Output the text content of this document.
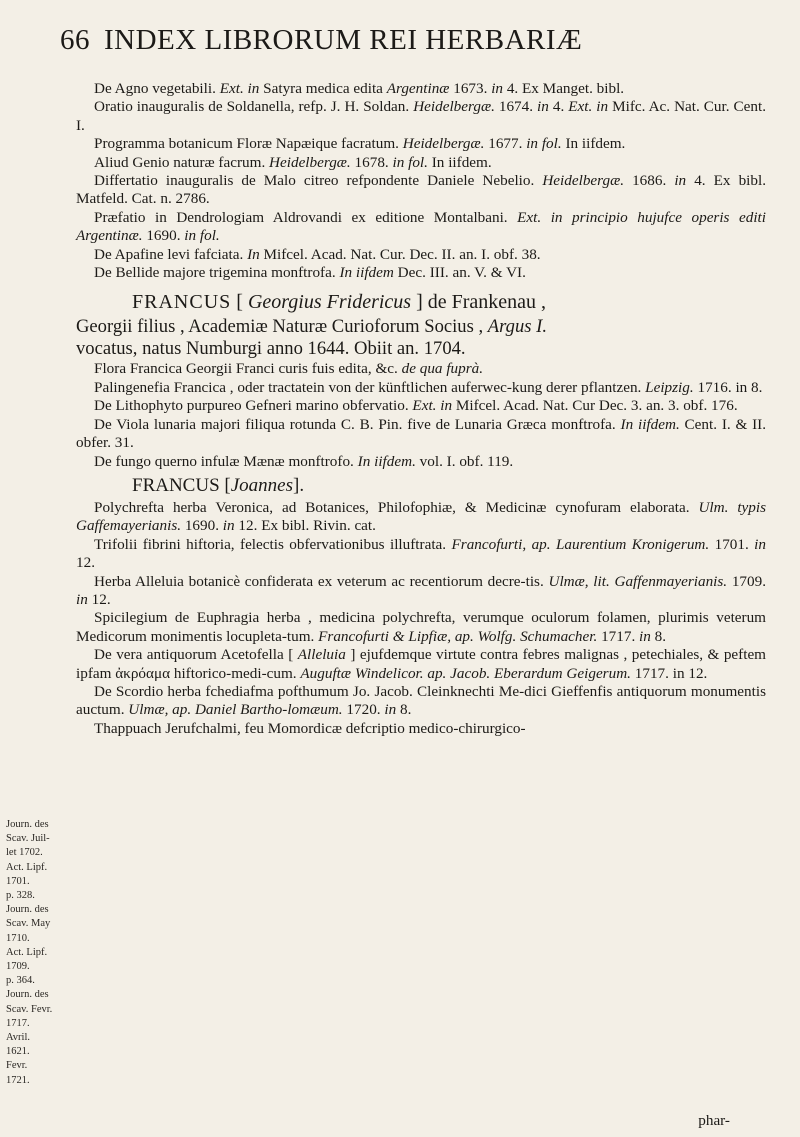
66 INDEX LIBRORUM REI HERBARIÆ
Journ. des
Scav. Juil-
let 1702.
Act. Lipf.
1701.
p. 328.
Journ. des
Scav. May
1710.
Act. Lipf.
1709.
p. 364.
Journ. des
Scav. Fevr.
1717.
Avril.
1621.
Fevr.
1721.

De Agno vegetabili. Ext. in Satyra medica edita Argentinæ 1673. in 4. Ex Manget. bibl.

Oratio inauguralis de Soldanella, refp. J. H. Soldan. Heidelbergæ. 1674. in 4. Ext. in Mifc. Ac. Nat. Cur. Cent. I.

Programma botanicum Floræ Napæique facratum. Heidelbergæ. 1677. in fol. In iifdem.

Aliud Genio naturæ facrum. Heidelbergæ. 1678. in fol. In iifdem.

Differtatio inauguralis de Malo citreo refpondente Daniele Nebelio. Heidelbergæ. 1686. in 4. Ex bibl. Matfeld. Cat. n. 2786.

Præfatio in Dendrologiam Aldrovandi ex editione Montalbani. Ext. in principio hujufce operis editi Argentinæ. 1690. in fol.

De Apafine levi fafciata. In Mifcel. Acad. Nat. Cur. Dec. II. an. I. obf. 38.

De Bellide majore trigemina monftrofa. In iifdem Dec. III. an. V. & VI.

FRANCUS [ Georgius Fridericus ] de Frankenau ,

Georgii filius , Academiæ Naturæ Curioforum Socius , Argus I.

vocatus, natus Numburgi anno 1644. Obiit an. 1704.

Flora Francica Georgii Franci curis fuis edita, &c. de qua fuprà.

Palingenefia Francica , oder tractatein von der künftlichen auferwec-kung derer pflantzen. Leipzig. 1716. in 8.

De Lithophyto purpureo Gefneri marino obfervatio. Ext. in Mifcel. Acad. Nat. Cur Dec. 3. an. 3. obf. 176.

De Viola lunaria majori filiqua rotunda C. B. Pin. five de Lunaria Græca monftrofa. In iifdem. Cent. I. & II. obfer. 31.

De fungo querno infulæ Mænæ monftrofo. In iifdem. vol. I. obf. 119.

FRANCUS [Joannes].

Polychrefta herba Veronica, ad Botanices, Philofophiæ, & Medicinæ cynofuram elaborata. Ulm. typis Gaffemayerianis. 1690. in 12. Ex bibl. Rivin. cat.

Trifolii fibrini hiftoria, felectis obfervationibus illuftrata. Francofurti, ap. Laurentium Kronigerum. 1701. in 12.

Herba Alleluia botanicè confiderata ex veterum ac recentiorum decre-tis. Ulmæ, lit. Gaffenmayerianis. 1709. in 12.

Spicilegium de Euphragia herba , medicina polychrefta, verumque oculorum folamen, plurimis veterum Medicorum monimentis locupleta-tum. Francofurti & Lipfiæ, ap. Wolfg. Schumacher. 1717. in 8.

De vera antiquorum Acetofella [ Alleluia ] ejufdemque virtute contra febres malignas , petechiales, & peftem ipfam ἀκρόαμα hiftorico-medi-cum. Auguftæ Windelicor. ap. Jacob. Eberardum Geigerum. 1717. in 12.

De Scordio herba fchediafma pofthumum Jo. Jacob. Cleinknechti Me-dici Gieffenfis antiquorum monumentis auctum. Ulmæ, ap. Daniel Bartho-lomæum. 1720. in 8.

Thappuach Jerufchalmi, feu Momordicæ defcriptio medico-chirurgico-

phar-
